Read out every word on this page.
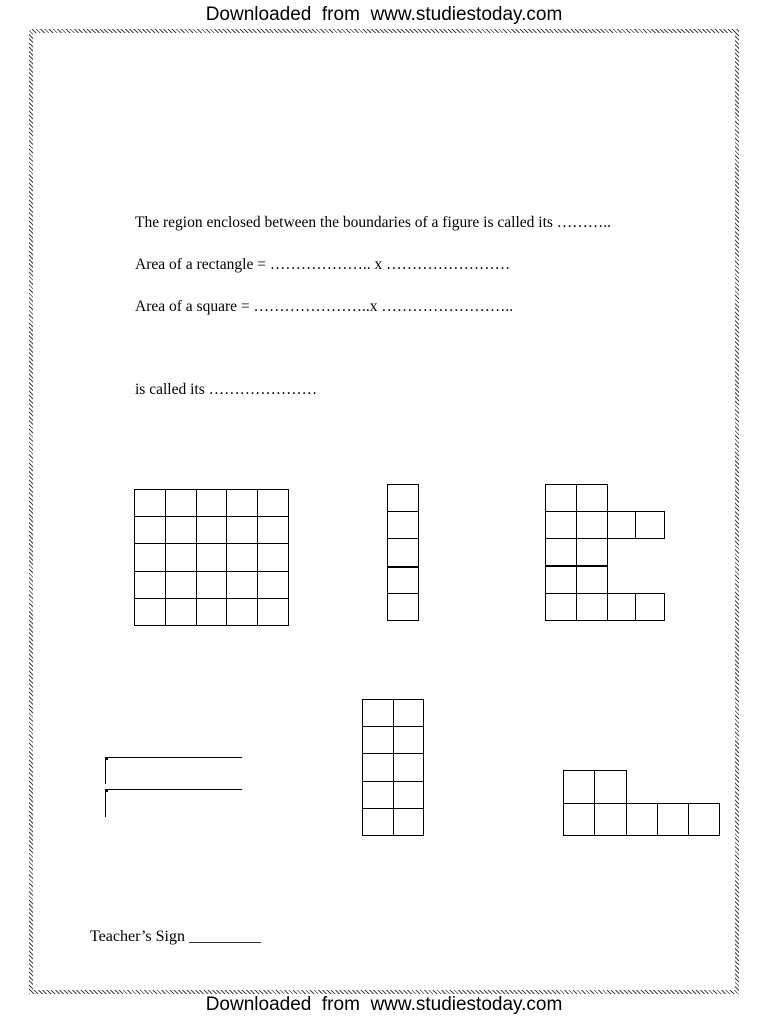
Downloaded  from  www.studiestoday.com
The region enclosed between the boundaries of a figure is called its ………..
Area of a rectangle = ……………….. x ……………………
Area of a square = …………………..x ……………………..
is called its …………………
Teacher’s Sign _________
Downloaded  from  www.studiestoday.com
